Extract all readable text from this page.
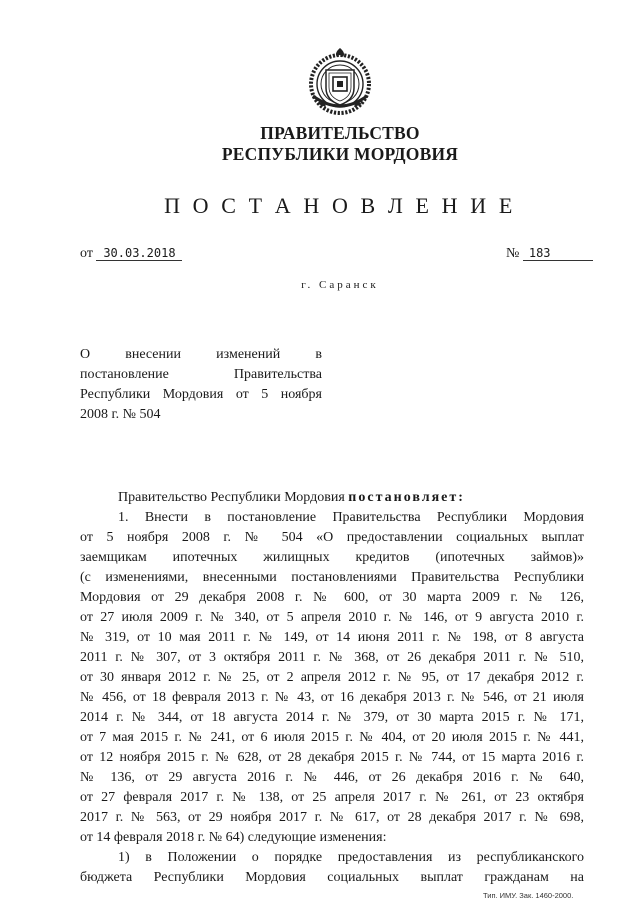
ПРАВИТЕЛЬСТВО
РЕСПУБЛИКИ МОРДОВИЯ
П О С Т А Н О В Л Е Н И Е
от 30.03.2018	№ 183
г. Саранск
О внесении изменений в
постановление Правительства
Республики Мордовия от 5 ноября
2008 г. № 504
Правительство Республики Мордовия постановляет:
1. Внести в постановление Правительства Республики Мордовия
от 5 ноября 2008 г. № 504 «О предоставлении социальных выплат
заемщикам ипотечных жилищных кредитов (ипотечных займов)»
(с изменениями, внесенными постановлениями Правительства Республики
Мордовия от 29 декабря 2008 г. № 600, от 30 марта 2009 г. № 126,
от 27 июля 2009 г. № 340, от 5 апреля 2010 г. № 146, от 9 августа 2010 г.
№ 319, от 10 мая 2011 г. № 149, от 14 июня 2011 г. № 198, от 8 августа
2011 г. № 307, от 3 октября 2011 г. № 368, от 26 декабря 2011 г. № 510,
от 30 января 2012 г. № 25, от 2 апреля 2012 г. № 95, от 17 декабря 2012 г.
№ 456, от 18 февраля 2013 г. № 43, от 16 декабря 2013 г. № 546, от 21 июля
2014 г. № 344, от 18 августа 2014 г. № 379, от 30 марта 2015 г. № 171,
от 7 мая 2015 г. № 241, от 6 июля 2015 г. № 404, от 20 июля 2015 г. № 441,
от 12 ноября 2015 г. № 628, от 28 декабря 2015 г. № 744, от 15 марта 2016 г.
№ 136, от 29 августа 2016 г. № 446, от 26 декабря 2016 г. № 640,
от 27 февраля 2017 г. № 138, от 25 апреля 2017 г. № 261, от 23 октября
2017 г. № 563, от 29 ноября 2017 г. № 617, от 28 декабря 2017 г. № 698,
от 14 февраля 2018 г. № 64) следующие изменения:
1) в Положении о порядке предоставления из республиканского
бюджета Республики Мордовия социальных выплат гражданам на
Тип. ИМУ. Зак. 1460-2000.
